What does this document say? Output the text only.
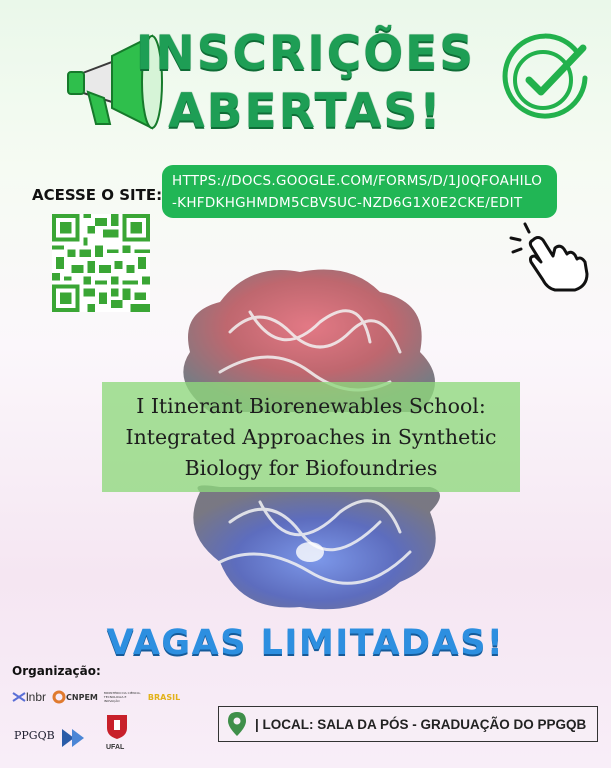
INSCRIÇÕES
ABERTAS!
ACESSE O SITE:
HTTPS://DOCS.GOOGLE.COM/FORMS/D/1J0QFOAHILO-KHFDKHGHMDM5CBVSUC-NZD6G1X0E2CKE/EDIT
I Itinerant Biorenewables School:
Integrated Approaches in Synthetic
Biology for Biofoundries
VAGAS LIMITADAS!
Organização:
lnbr	CNPEM MINISTÉRIO DA CIÊNCIA, TECNOLOGIA E INOVAÇÃO	BRASIL
PPGQB
UFAL
| LOCAL: SALA DA PÓS - GRADUAÇÃO DO PPGQB
